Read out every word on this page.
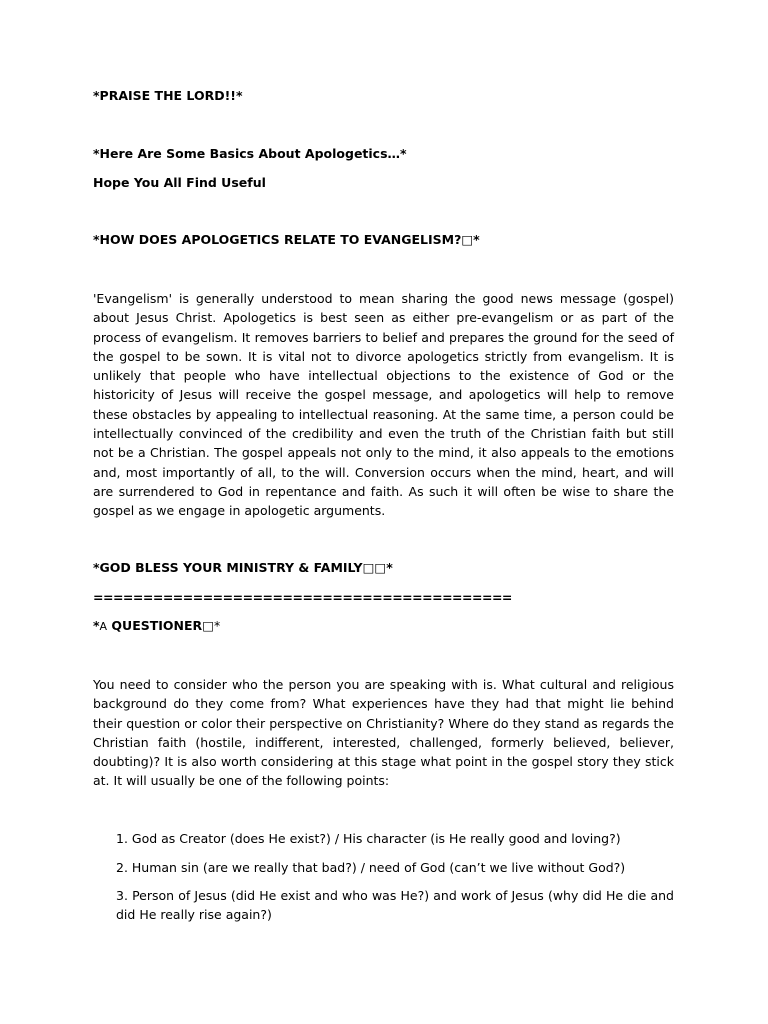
*PRAISE THE LORD!!*
*Here Are Some Basics About Apologetics…*
Hope You All Find Useful
*HOW DOES APOLOGETICS RELATE TO EVANGELISM?□*

'Evangelism' is generally understood to mean sharing the good news message (gospel) about Jesus Christ. Apologetics is best seen as either pre-evangelism or as part of the process of evangelism. It removes barriers to belief and prepares the ground for the seed of the gospel to be sown. It is vital not to divorce apologetics strictly from evangelism. It is unlikely that people who have intellectual objections to the existence of God or the historicity of Jesus will receive the gospel message, and apologetics will help to remove these obstacles by appealing to intellectual reasoning. At the same time, a person could be intellectually convinced of the credibility and even the truth of the Christian faith but still not be a Christian. The gospel appeals not only to the mind, it also appeals to the emotions and, most importantly of all, to the will. Conversion occurs when the mind, heart, and will are surrendered to God in repentance and faith. As such it will often be wise to share the gospel as we engage in apologetic arguments.

*GOD BLESS YOUR MINISTRY & FAMILY□□*
==========================================
*A QUESTIONER□*

You need to consider who the person you are speaking with is. What cultural and religious background do they come from? What experiences have they had that might lie behind their question or color their perspective on Christianity? Where do they stand as regards the Christian faith (hostile, indifferent, interested, challenged, formerly believed, believer, doubting)? It is also worth considering at this stage what point in the gospel story they stick at. It will usually be one of the following points:

1. God as Creator (does He exist?) / His character (is He really good and loving?)
2. Human sin (are we really that bad?) / need of God (can’t we live without God?)
3. Person of Jesus (did He exist and who was He?) and work of Jesus (why did He die and did He really rise again?)
